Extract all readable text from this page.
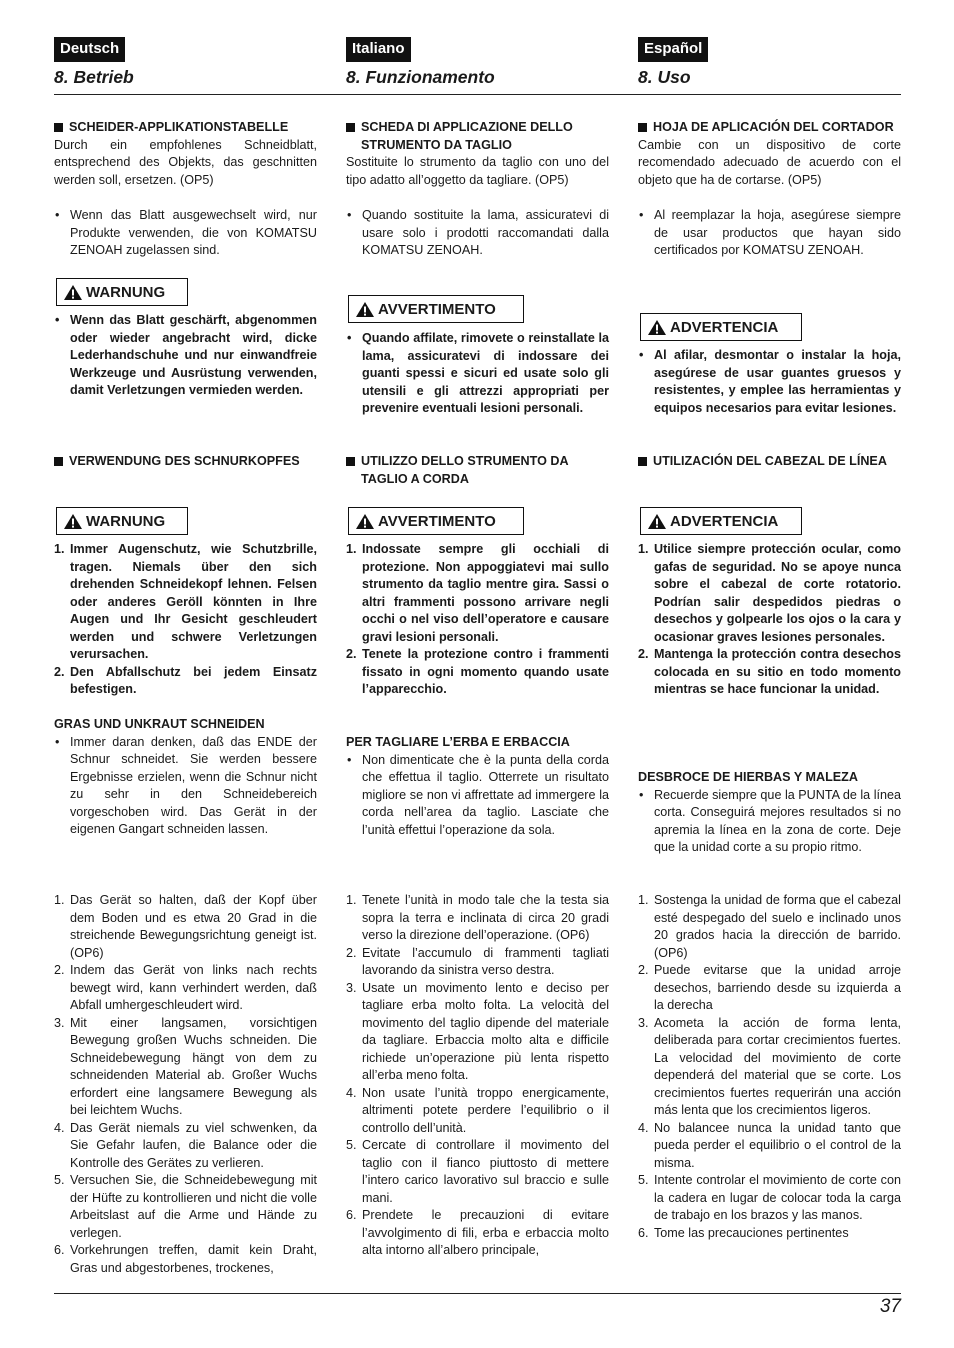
Deutsch
8. Betrieb
SCHEIDER-APPLIKATIONSTABELLE
Durch ein empfohlenes Schneidblatt, entsprechend des Objekts, das geschnitten werden soll, ersetzen. (OP5)
• Wenn das Blatt ausgewechselt wird, nur Produkte verwenden, die von KOMATSU ZENOAH zugelassen sind.
WARNUNG
• Wenn das Blatt geschärft, abgenommen oder wieder angebracht wird, dicke Lederhandschuhe und nur einwandfreie Werkzeuge und Ausrüstung verwenden, damit Verletzungen vermieden werden.
VERWENDUNG DES SCHNURKOPFES
WARNUNG
1. Immer Augenschutz, wie Schutzbrille, tragen. Niemals über den sich drehenden Schneidekopf lehnen. Felsen oder anderes Geröll könnten in Ihre Augen und Ihr Gesicht geschleudert werden und schwere Verletzungen verursachen.
2. Den Abfallschutz bei jedem Einsatz befestigen.
GRAS UND UNKRAUT SCHNEIDEN
• Immer daran denken, daß das ENDE der Schnur schneidet. Sie werden bessere Ergebnisse erzielen, wenn die Schnur nicht zu sehr in den Schneidebereich vorgeschoben wird. Das Gerät in der eigenen Gangart schneiden lassen.
1. Das Gerät so halten, daß der Kopf über dem Boden und es etwa 20 Grad in die streichende Bewegungsrichtung geneigt ist. (OP6)
2. Indem das Gerät von links nach rechts bewegt wird, kann verhindert werden, daß Abfall umhergeschleudert wird.
3. Mit einer langsamen, vorsichtigen Bewegung großen Wuchs schneiden. Die Schneidebewegung hängt von dem zu schneidenden Material ab. Großer Wuchs erfordert eine langsamere Bewegung als bei leichtem Wuchs.
4. Das Gerät niemals zu viel schwenken, da Sie Gefahr laufen, die Balance oder die Kontrolle des Gerätes zu verlieren.
5. Versuchen Sie, die Schneidebewegung mit der Hüfte zu kontrollieren und nicht die volle Arbeitslast auf die Arme und Hände zu verlegen.
6. Vorkehrungen treffen, damit kein Draht, Gras und abgestorbenes, trockenes,
Italiano
8. Funzionamento
SCHEDA DI APPLICAZIONE DELLO STRUMENTO DA TAGLIO
Sostituite lo strumento da taglio con uno del tipo adatto all’oggetto da tagliare. (OP5)
• Quando sostituite la lama, assicuratevi di usare solo i prodotti raccomandati dalla KOMATSU ZENOAH.
AVVERTIMENTO
• Quando affilate, rimovete o reinstallate la lama, assicuratevi di indossare dei guanti spessi e sicuri ed usate solo gli utensili e gli attrezzi appropriati per prevenire eventuali lesioni personali.
UTILIZZO DELLO STRUMENTO DA TAGLIO A CORDA
AVVERTIMENTO
1. Indossate sempre gli occhiali di protezione. Non appoggiatevi mai sullo strumento da taglio mentre gira. Sassi o altri frammenti possono arrivare negli occhi o nel viso dell’operatore e causare gravi lesioni personali.
2. Tenete la protezione contro i frammenti fissato in ogni momento quando usate l’apparecchio.
PER TAGLIARE L’ERBA E ERBACCIA
• Non dimenticate che è la punta della corda che effettua il taglio. Otterrete un risultato migliore se non vi affrettate ad immergere la corda nell’area da taglio. Lasciate che l’unità effettui l’operazione da sola.
1. Tenete l’unità in modo tale che la testa sia sopra la terra e inclinata di circa 20 gradi verso la direzione dell’operazione. (OP6)
2. Evitate l’accumulo di frammenti tagliati lavorando da sinistra verso destra.
3. Usate un movimento lento e deciso per tagliare erba molto folta. La velocità del movimento del taglio dipende del materiale da tagliare. Erbaccia molto alta e difficile richiede un’operazione più lenta rispetto all’erba meno folta.
4. Non usate l’unità troppo energicamente, altrimenti potete perdere l’equilibrio o il controllo dell’unità.
5. Cercate di controllare il movimento del taglio con il fianco piuttosto di mettere l’intero carico lavorativo sul braccio e sulle mani.
6. Prendete le precauzioni di evitare l’avvolgimento di fili, erba e erbaccia molto alta intorno all’albero principale,
Español
8. Uso
HOJA DE APLICACIÓN DEL CORTADOR
Cambie con un dispositivo de corte recomendado adecuado de acuerdo con el objeto que ha de cortarse. (OP5)
• Al reemplazar la hoja, asegúrese siempre de usar productos que hayan sido certificados por KOMATSU ZENOAH.
ADVERTENCIA
• Al afilar, desmontar o instalar la hoja, asegúrese de usar guantes gruesos y resistentes, y emplee las herramientas y equipos necesarios para evitar lesiones.
UTILIZACIÓN DEL CABEZAL DE LÍNEA
ADVERTENCIA
1. Utilice siempre protección ocular, como gafas de seguridad. No se apoye nunca sobre el cabezal de corte rotatorio. Podrían salir despedidos piedras o desechos y golpearle los ojos o la cara y ocasionar graves lesiones personales.
2. Mantenga la protección contra desechos colocada en su sitio en todo momento mientras se hace funcionar la unidad.
DESBROCE DE HIERBAS Y MALEZA
• Recuerde siempre que la PUNTA de la línea corta. Conseguirá mejores resultados si no apremia la línea en la zona de corte. Deje que la unidad corte a su propio ritmo.
1. Sostenga la unidad de forma que el cabezal esté despegado del suelo e inclinado unos 20 grados hacia la dirección de barrido. (OP6)
2. Puede evitarse que la unidad arroje desechos, barriendo desde su izquierda a la derecha
3. Acometa la acción de forma lenta, deliberada para cortar crecimientos fuertes. La velocidad del movimiento de corte dependerá del material que se corte. Los crecimientos fuertes requerirán una acción más lenta que los crecimientos ligeros.
4. No balancee nunca la unidad tanto que pueda perder el equilibrio o el control de la misma.
5. Intente controlar el movimiento de corte con la cadera en lugar de colocar toda la carga de trabajo en los brazos y las manos.
6. Tome las precauciones pertinentes
37
